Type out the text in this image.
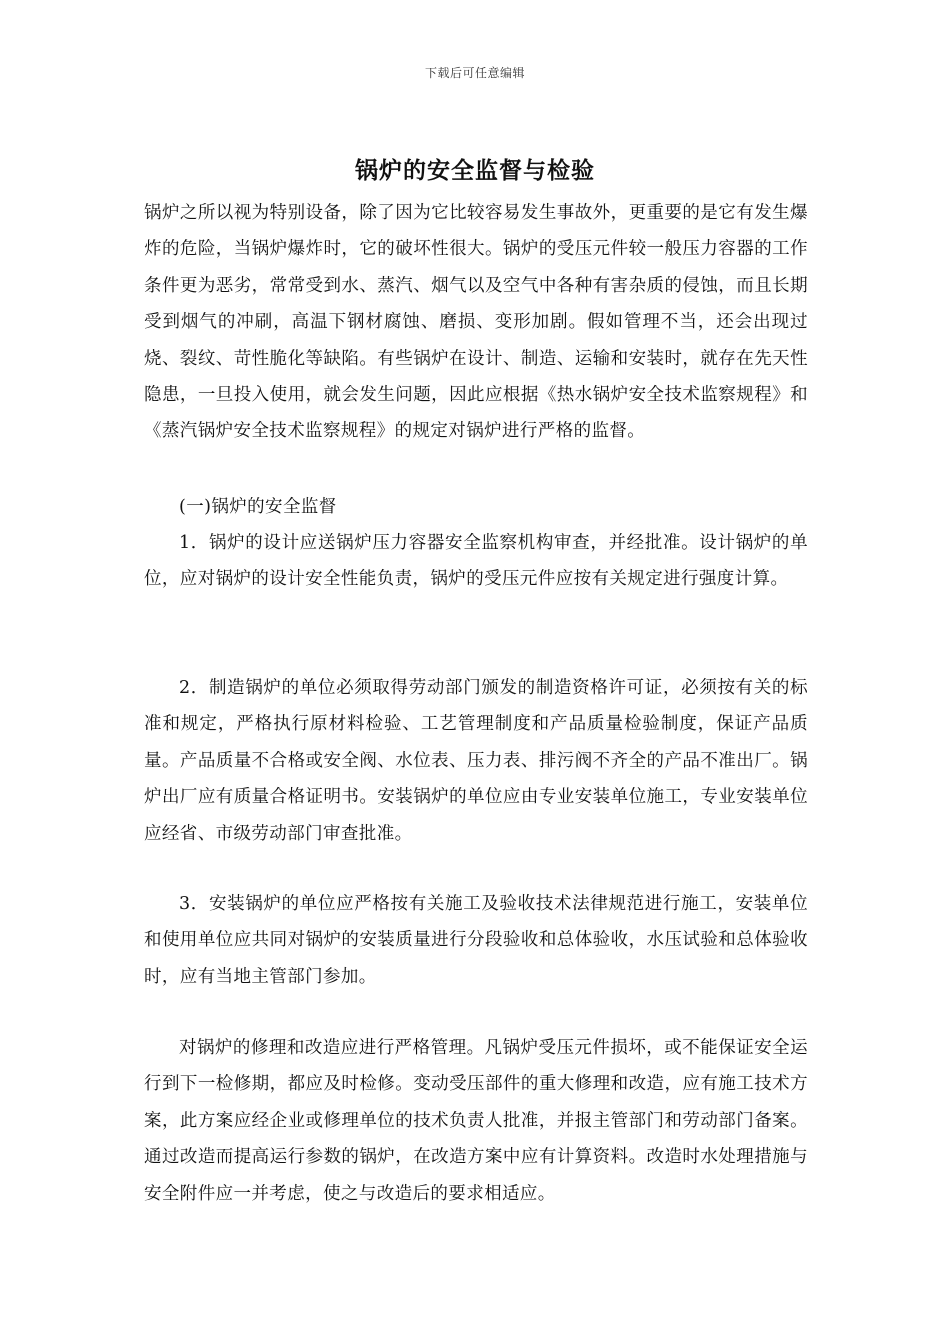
下载后可任意编辑
锅炉的安全监督与检验

锅炉之所以视为特别设备，除了因为它比较容易发生事故外，更重要的是它有发生爆炸的危险，当锅炉爆炸时，它的破坏性很大。锅炉的受压元件较一般压力容器的工作条件更为恶劣，常常受到水、蒸汽、烟气以及空气中各种有害杂质的侵蚀，而且长期受到烟气的冲刷，高温下钢材腐蚀、磨损、变形加剧。假如管理不当，还会出现过烧、裂纹、苛性脆化等缺陷。有些锅炉在设计、制造、运输和安装时，就存在先天性隐患，一旦投入使用，就会发生问题，因此应根据《热水锅炉安全技术监察规程》和《蒸汽锅炉安全技术监察规程》的规定对锅炉进行严格的监督。

(一)锅炉的安全监督

1．锅炉的设计应送锅炉压力容器安全监察机构审查，并经批准。设计锅炉的单位，应对锅炉的设计安全性能负责，锅炉的受压元件应按有关规定进行强度计算。

2．制造锅炉的单位必须取得劳动部门颁发的制造资格许可证，必须按有关的标准和规定，严格执行原材料检验、工艺管理制度和产品质量检验制度，保证产品质量。产品质量不合格或安全阀、水位表、压力表、排污阀不齐全的产品不准出厂。锅炉出厂应有质量合格证明书。安装锅炉的单位应由专业安装单位施工，专业安装单位应经省、市级劳动部门审查批准。

3．安装锅炉的单位应严格按有关施工及验收技术法律规范进行施工，安装单位和使用单位应共同对锅炉的安装质量进行分段验收和总体验收，水压试验和总体验收时，应有当地主管部门参加。

对锅炉的修理和改造应进行严格管理。凡锅炉受压元件损坏，或不能保证安全运行到下一检修期，都应及时检修。变动受压部件的重大修理和改造，应有施工技术方案，此方案应经企业或修理单位的技术负责人批准，并报主管部门和劳动部门备案。通过改造而提高运行参数的锅炉，在改造方案中应有计算资料。改造时水处理措施与安全附件应一并考虑，使之与改造后的要求相适应。
